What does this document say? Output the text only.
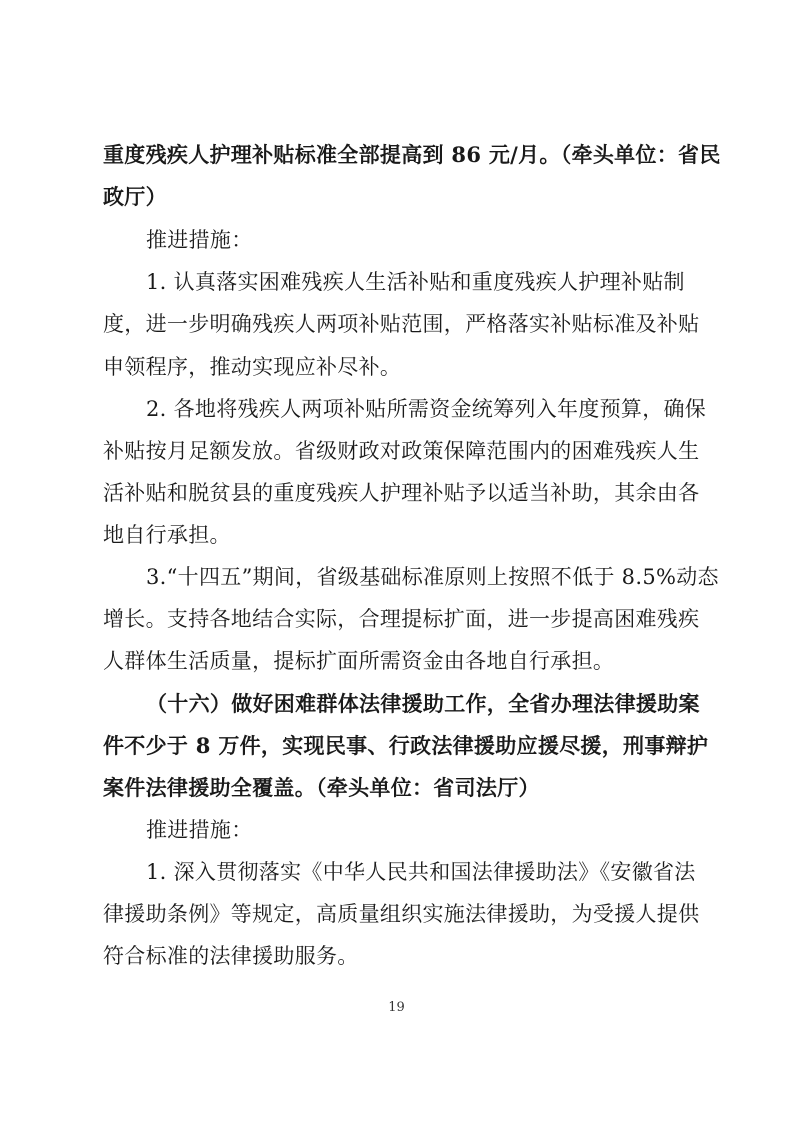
重度残疾人护理补贴标准全部提高到 86 元/月。（牵头单位：省民
政厅）
推进措施：
1. 认真落实困难残疾人生活补贴和重度残疾人护理补贴制
度，进一步明确残疾人两项补贴范围，严格落实补贴标准及补贴
申领程序，推动实现应补尽补。
2. 各地将残疾人两项补贴所需资金统筹列入年度预算，确保
补贴按月足额发放。省级财政对政策保障范围内的困难残疾人生
活补贴和脱贫县的重度残疾人护理补贴予以适当补助，其余由各
地自行承担。
3.“十四五”期间，省级基础标准原则上按照不低于 8.5%动态
增长。支持各地结合实际，合理提标扩面，进一步提高困难残疾
人群体生活质量，提标扩面所需资金由各地自行承担。
（十六）做好困难群体法律援助工作，全省办理法律援助案
件不少于 8 万件，实现民事、行政法律援助应援尽援，刑事辩护
案件法律援助全覆盖。（牵头单位：省司法厅）
推进措施：
1. 深入贯彻落实《中华人民共和国法律援助法》《安徽省法
律援助条例》等规定，高质量组织实施法律援助，为受援人提供
符合标准的法律援助服务。
19
